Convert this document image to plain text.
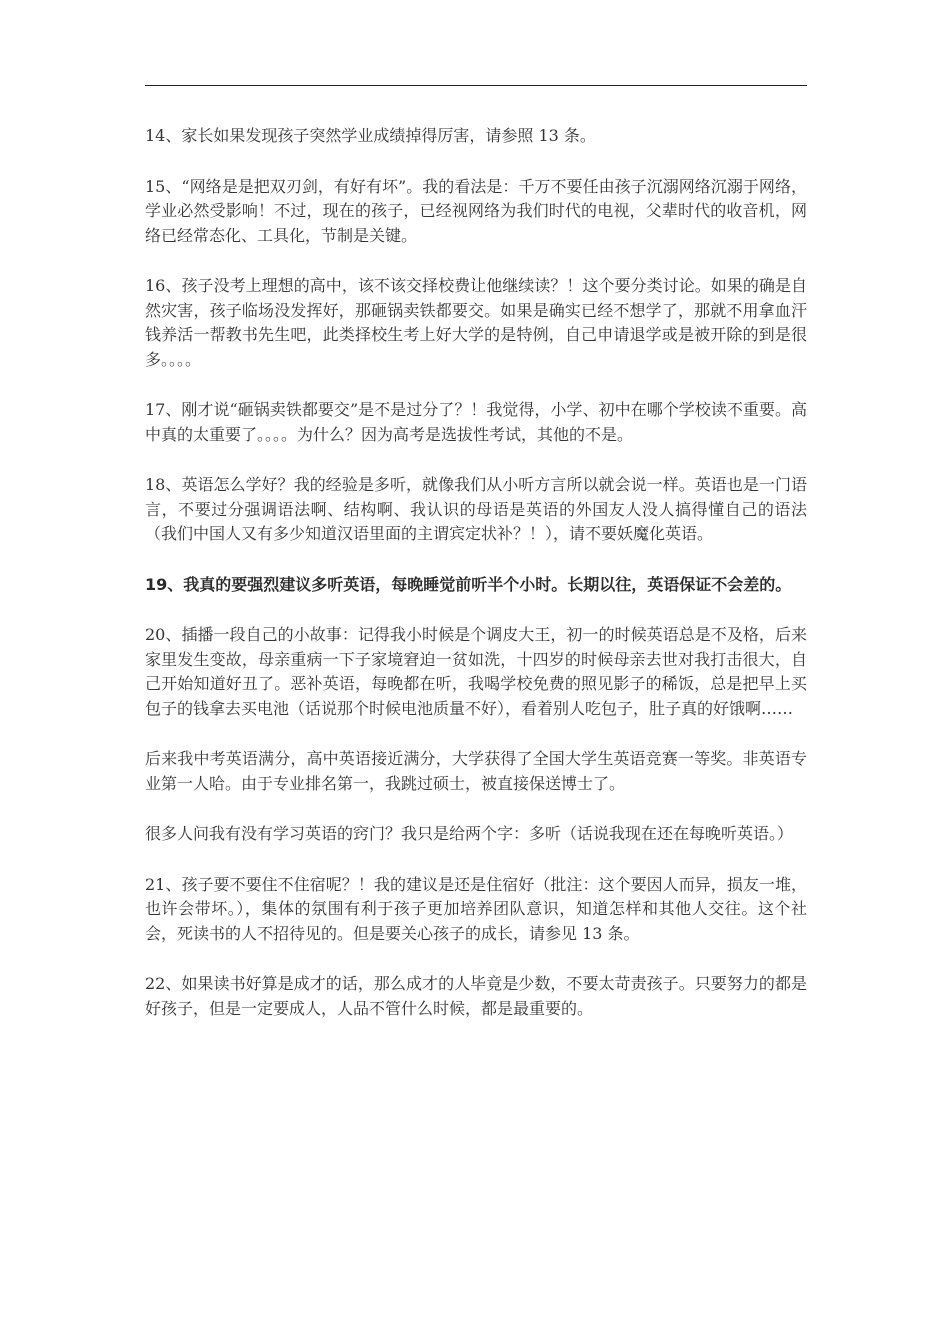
14、家长如果发现孩子突然学业成绩掉得厉害，请参照 13 条。

15、“网络是是把双刃剑，有好有坏”。我的看法是：千万不要任由孩子沉溺网络沉溺于网络，学业必然受影响！不过，现在的孩子，已经视网络为我们时代的电视，父辈时代的收音机，网络已经常态化、工具化，节制是关键。

16、孩子没考上理想的高中，该不该交择校费让他继续读？！这个要分类讨论。如果的确是自然灾害，孩子临场没发挥好，那砸锅卖铁都要交。如果是确实已经不想学了，那就不用拿血汗钱养活一帮教书先生吧，此类择校生考上好大学的是特例，自己申请退学或是被开除的到是很多。。。。

17、刚才说“砸锅卖铁都要交”是不是过分了？！我觉得，小学、初中在哪个学校读不重要。高中真的太重要了。。。。为什么？因为高考是选拔性考试，其他的不是。

18、英语怎么学好？我的经验是多听，就像我们从小听方言所以就会说一样。英语也是一门语言，不要过分强调语法啊、结构啊、我认识的母语是英语的外国友人没人搞得懂自己的语法（我们中国人又有多少知道汉语里面的主谓宾定状补？！），请不要妖魔化英语。

19、我真的要强烈建议多听英语，每晚睡觉前听半个小时。长期以往，英语保证不会差的。

20、插播一段自己的小故事：记得我小时候是个调皮大王，初一的时候英语总是不及格，后来家里发生变故，母亲重病一下子家境窘迫一贫如洗，十四岁的时候母亲去世对我打击很大，自己开始知道好丑了。恶补英语，每晚都在听，我喝学校免费的照见影子的稀饭，总是把早上买包子的钱拿去买电池（话说那个时候电池质量不好），看着别人吃包子，肚子真的好饿啊……

后来我中考英语满分，高中英语接近满分，大学获得了全国大学生英语竞赛一等奖。非英语专业第一人哈。由于专业排名第一，我跳过硕士，被直接保送博士了。

很多人问我有没有学习英语的窍门？我只是给两个字：多听（话说我现在还在每晚听英语。）

21、孩子要不要住不住宿呢？！我的建议是还是住宿好（批注：这个要因人而异，损友一堆，也许会带坏。），集体的氛围有利于孩子更加培养团队意识，知道怎样和其他人交往。这个社会，死读书的人不招待见的。但是要关心孩子的成长，请参见 13 条。

22、如果读书好算是成才的话，那么成才的人毕竟是少数，不要太苛责孩子。只要努力的都是好孩子，但是一定要成人，人品不管什么时候，都是最重要的。
